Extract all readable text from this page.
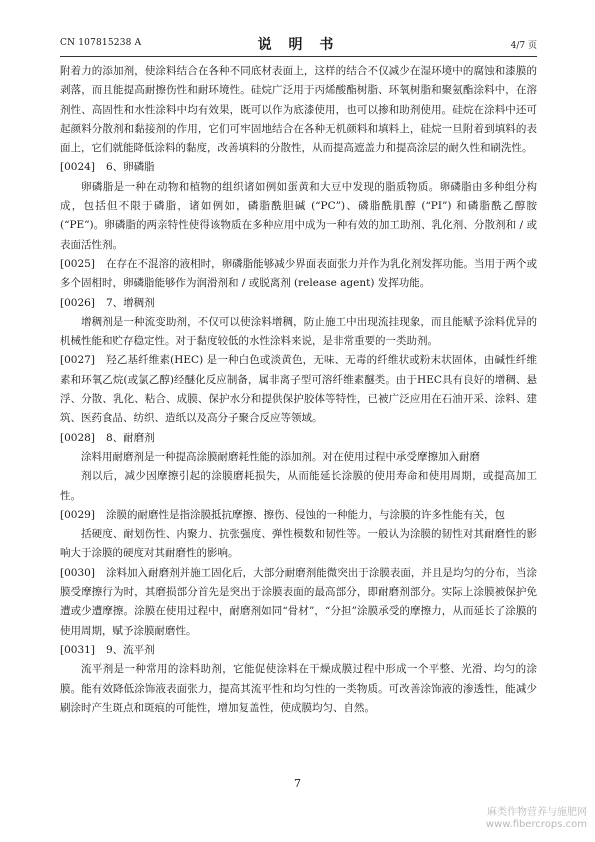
CN 107815238 A	说 明 书	4/7 页

附着力的添加剂，使涂料结合在各种不同底材表面上，这样的结合不仅减少在湿环境中的腐蚀和漆膜的剥落，而且能提高耐擦伤性和耐环境性。硅烷广泛用于丙烯酸酯树脂、环氧树脂和聚氨酯涂料中，在溶剂性、高固性和水性涂料中均有效果，既可以作为底漆使用，也可以掺和助剂使用。硅烷在涂料中还可起颜料分散剂和黏接剂的作用，它们可牢固地结合在各种无机颜料和填料上，硅烷一旦附着到填料的表面上，它们就能降低涂料的黏度，改善填料的分散性，从而提高遮盖力和提高涂层的耐久性和刷洗性。

[0024] 6、卵磷脂

卵磷脂是一种在动物和植物的组织诸如例如蛋黄和大豆中发现的脂质物质。卵磷脂由多种组分构成，包括但不限于磷脂，诸如例如，磷脂酰胆碱 (“PC”)、磷脂酰肌醇 (“PI”) 和磷脂酰乙醇胺 (“PE”)。卵磷脂的两亲特性使得该物质在多种应用中成为一种有效的加工助剂、乳化剂、分散剂和 / 或表面活性剂。

[0025] 在存在不混溶的液相时，卵磷脂能够减少界面表面张力并作为乳化剂发挥功能。当用于两个或多个固相时，卵磷脂能够作为润滑剂和 / 或脱离剂 (release agent) 发挥功能。

[0026] 7、增稠剂

增稠剂是一种流变助剂，不仅可以使涂料增稠，防止施工中出现流挂现象，而且能赋予涂料优异的机械性能和贮存稳定性。对于黏度较低的水性涂料来说，是非常重要的一类助剂。

[0027] 羟乙基纤维素(HEC) 是一种白色或淡黄色，无味、无毒的纤维状或粉末状固体，由碱性纤维素和环氧乙烷(或氯乙醇)经醚化反应制备，属非离子型可溶纤维素醚类。由于HEC具有良好的增稠、悬浮、分散、乳化、粘合、成膜、保护水分和提供保护胶体等特性，已被广泛应用在石油开采、涂料、建筑、医药食品、纺织、造纸以及高分子聚合反应等领域。

[0028] 8、耐磨剂

涂料用耐磨剂是一种提高涂膜耐磨耗性能的添加剂。对在使用过程中承受摩擦加入耐磨

剂以后，减少因摩擦引起的涂膜磨耗损失，从而能延长涂膜的使用寿命和使用周期，或提高加工性。

[0029] 涂膜的耐磨性是指涂膜抵抗摩擦、擦伤、侵蚀的一种能力，与涂膜的许多性能有关，包

括硬度、耐划伤性、内聚力、抗张强度、弹性模数和韧性等。一般认为涂膜的韧性对其耐磨性的影响大于涂膜的硬度对其耐磨性的影响。

[0030] 涂料加入耐磨剂并施工固化后，大部分耐磨剂能微突出于涂膜表面，并且是均匀的分布，当涂膜受摩擦行为时，其磨损部分首先是突出于涂膜表面的最高部分，即耐磨剂部分。实际上涂膜被保护免遭或少遭摩擦。涂膜在使用过程中，耐磨剂如同“骨材”，“分担”涂膜承受的摩擦力，从而延长了涂膜的使用周期，赋予涂膜耐磨性。

[0031] 9、流平剂

流平剂是一种常用的涂料助剂，它能促使涂料在干燥成膜过程中形成一个平整、光滑、均匀的涂膜。能有效降低涂饰液表面张力，提高其流平性和均匀性的一类物质。可改善涂饰液的渗透性，能减少刷涂时产生斑点和斑痕的可能性，增加复盖性，使成膜均匀、自然。

7
麻类作物营养与施肥网
www.fibercrops.com
